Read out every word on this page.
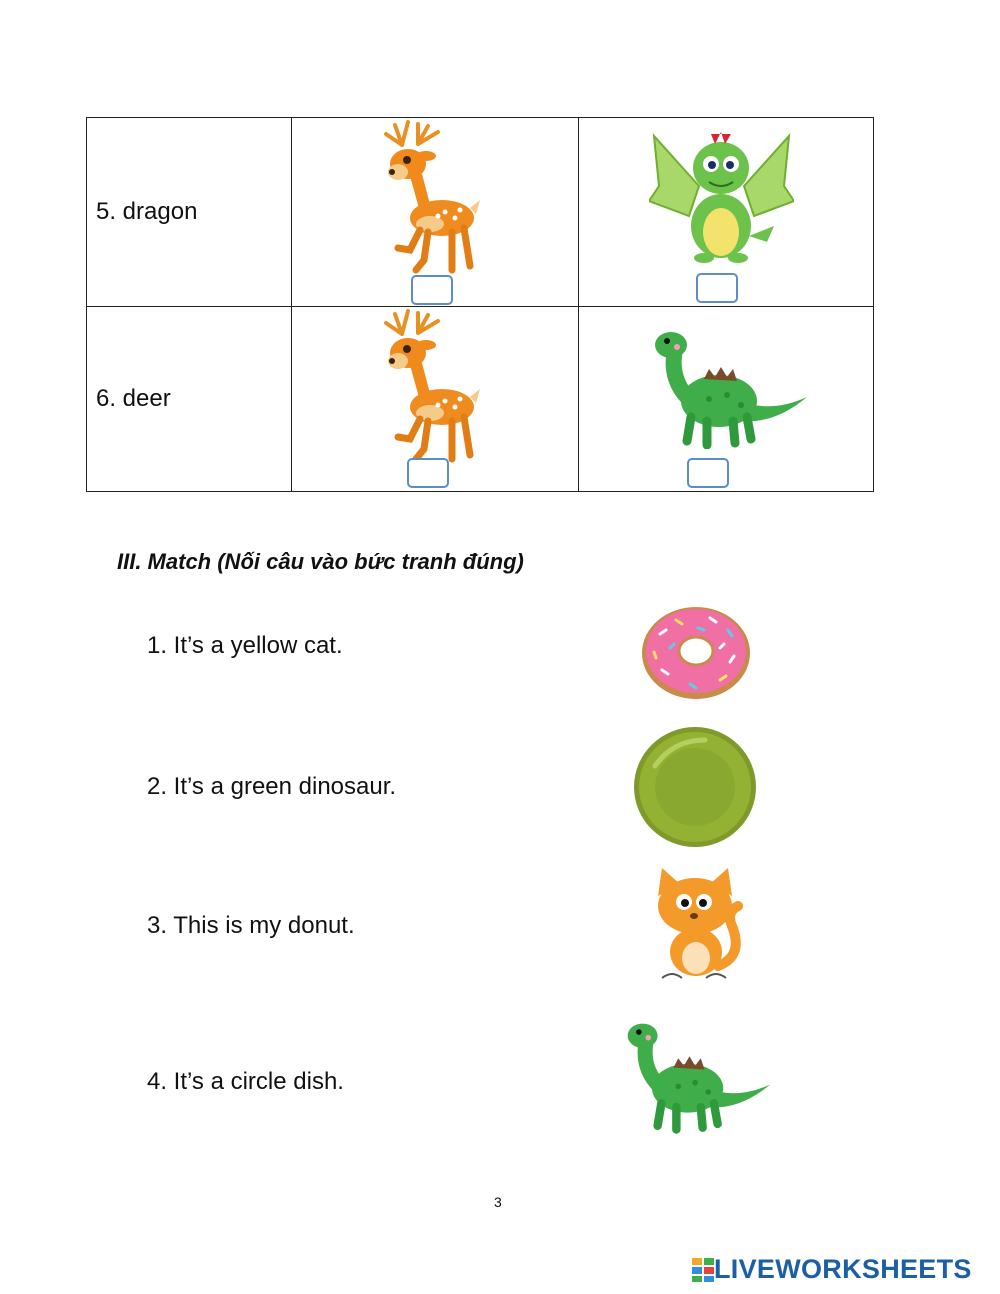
5. dragon	

6. deer	

III. Match (Nối câu vào bức tranh đúng)
1. It’s a yellow cat.
2. It’s a green dinosaur.
3. This is my donut.
4. It’s a circle dish.
3
LIVEWORKSHEETS
